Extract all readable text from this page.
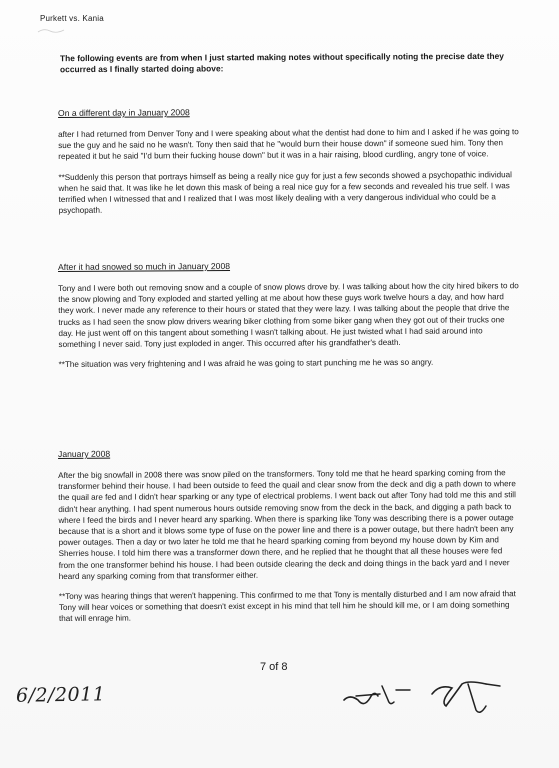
Purkett vs. Kania
The following events are from when I just started making notes without specifically noting the precise date they occurred as I finally started doing above:
On a different day in January 2008

after I had returned from Denver Tony and I were speaking about what the dentist had done to him and I asked if he was going to sue the guy and he said no he wasn't. Tony then said that he "would burn their house down" if someone sued him. Tony then repeated it but he said "I'd burn their fucking house down" but it was in a hair raising, blood curdling, angry tone of voice.

**Suddenly this person that portrays himself as being a really nice guy for just a few seconds showed a psychopathic individual when he said that. It was like he let down this mask of being a real nice guy for a few seconds and revealed his true self. I was terrified when I witnessed that and I realized that I was most likely dealing with a very dangerous individual who could be a psychopath.

After it had snowed so much in January 2008

Tony and I were both out removing snow and a couple of snow plows drove by. I was talking about how the city hired bikers to do the snow plowing and Tony exploded and started yelling at me about how these guys work twelve hours a day, and how hard they work. I never made any reference to their hours or stated that they were lazy. I was talking about the people that drive the trucks as I had seen the snow plow drivers wearing biker clothing from some biker gang when they got out of their trucks one day. He just went off on this tangent about something I wasn't talking about. He just twisted what I had said around into something I never said. Tony just exploded in anger. This occurred after his grandfather's death.

**The situation was very frightening and I was afraid he was going to start punching me he was so angry.

January 2008

After the big snowfall in 2008 there was snow piled on the transformers. Tony told me that he heard sparking coming from the transformer behind their house. I had been outside to feed the quail and clear snow from the deck and dig a path down to where the quail are fed and I didn't hear sparking or any type of electrical problems. I went back out after Tony had told me this and still didn't hear anything. I had spent numerous hours outside removing snow from the deck in the back, and digging a path back to where I feed the birds and I never heard any sparking. When there is sparking like Tony was describing there is a power outage because that is a short and it blows some type of fuse on the power line and there is a power outage, but there hadn't been any power outages. Then a day or two later he told me that he heard sparking coming from beyond my house down by Kim and Sherries house. I told him there was a transformer down there, and he replied that he thought that all these houses were fed from the one transformer behind his house. I had been outside clearing the deck and doing things in the back yard and I never heard any sparking coming from that transformer either.

**Tony was hearing things that weren't happening. This confirmed to me that Tony is mentally disturbed and I am now afraid that Tony will hear voices or something that doesn't exist except in his mind that tell him he should kill me, or I am doing something that will enrage him.

7 of 8
6/2/2011
